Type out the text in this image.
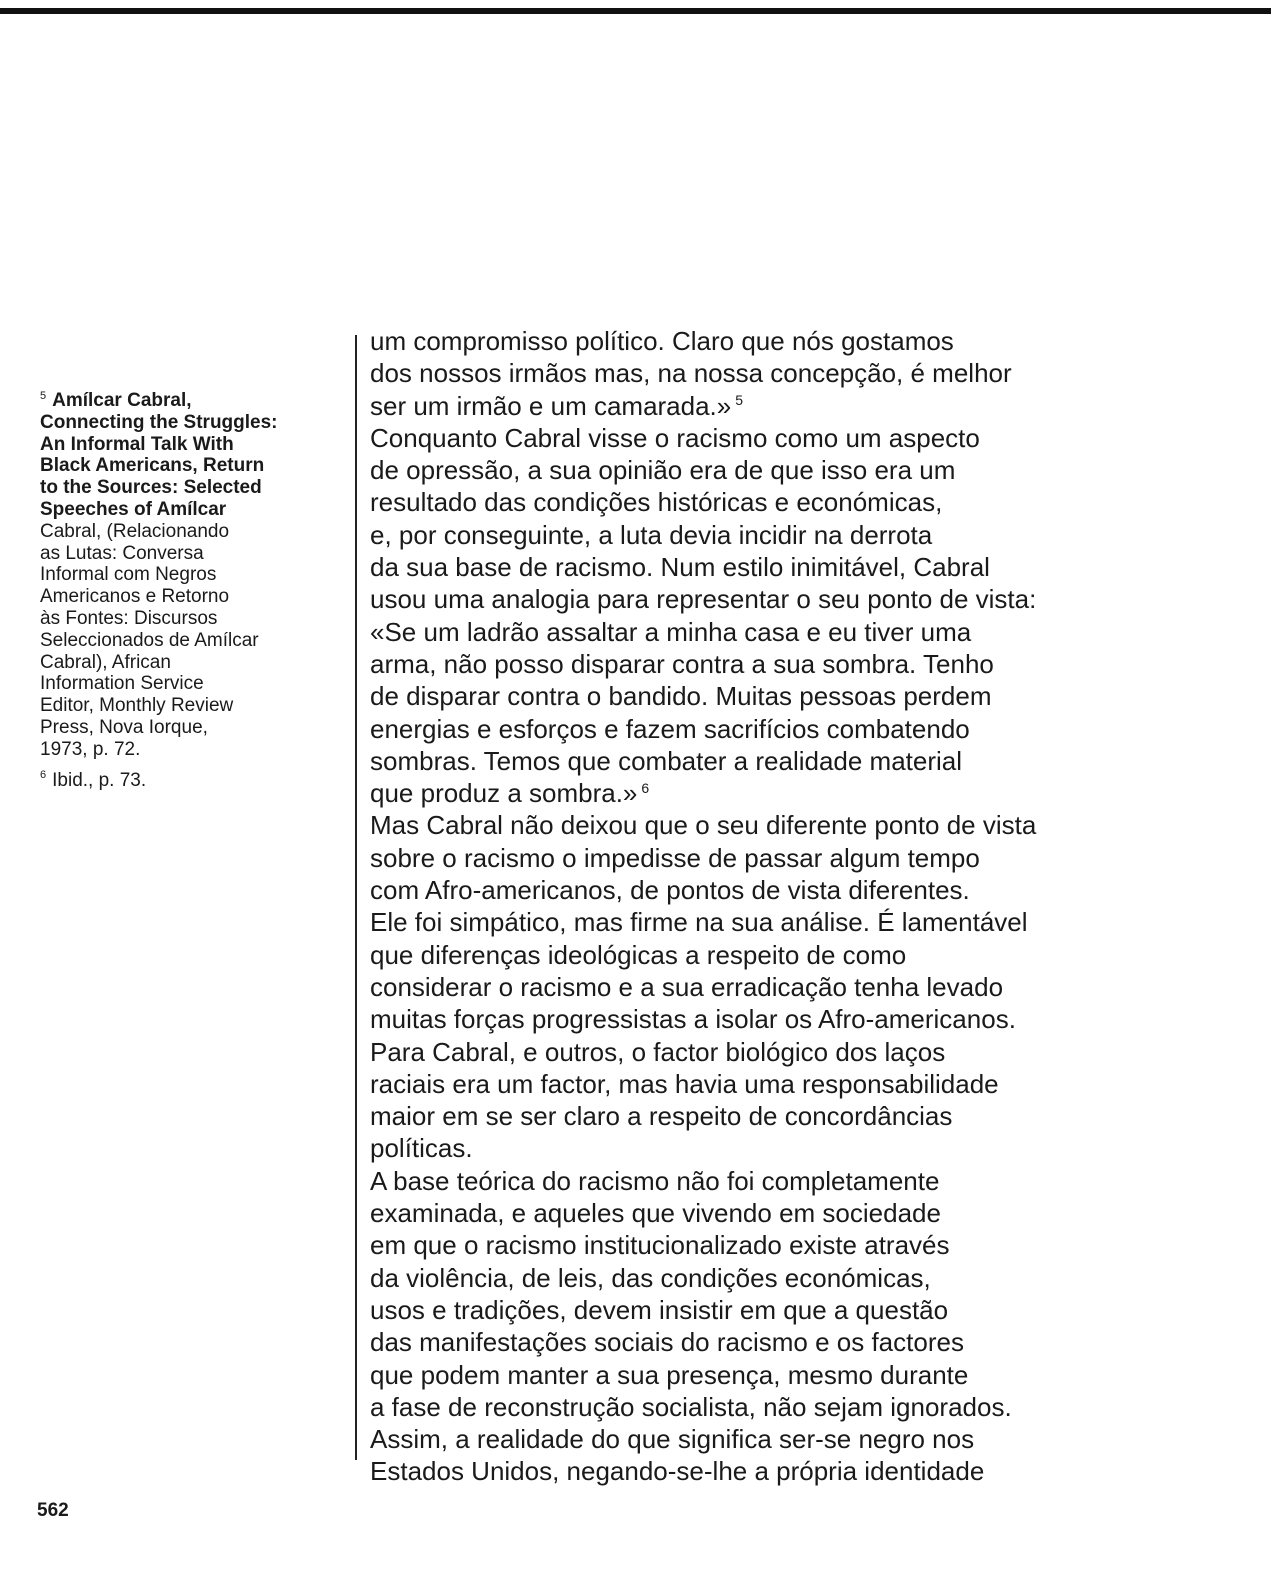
$^5$ Amílcar Cabral,
Connecting the Struggles:
An Informal Talk With
Black Americans, Return
to the Sources: Selected
Speeches of Amílcar
Cabral, (Relacionando
as Lutas: Conversa
Informal com Negros
Americanos e Retorno
às Fontes: Discursos
Seleccionados de Amílcar
Cabral), African
Information Service
Editor, Monthly Review
Press, Nova Iorque,
1973, p. 72.
$^6$ Ibid., p. 73.
um compromisso político. Claro que nós gostamos
dos nossos irmãos mas, na nossa concepção, é melhor
ser um irmão e um camarada.» $^5$
Conquanto Cabral visse o racismo como um aspecto
de opressão, a sua opinião era de que isso era um
resultado das condições históricas e económicas,
e, por conseguinte, a luta devia incidir na derrota
da sua base de racismo. Num estilo inimitável, Cabral
usou uma analogia para representar o seu ponto de vista:
«Se um ladrão assaltar a minha casa e eu tiver uma
arma, não posso disparar contra a sua sombra. Tenho
de disparar contra o bandido. Muitas pessoas perdem
energias e esforços e fazem sacrifícios combatendo
sombras. Temos que combater a realidade material
que produz a sombra.» $^6$
Mas Cabral não deixou que o seu diferente ponto de vista
sobre o racismo o impedisse de passar algum tempo
com Afro-americanos, de pontos de vista diferentes.
Ele foi simpático, mas firme na sua análise. É lamentável
que diferenças ideológicas a respeito de como
considerar o racismo e a sua erradicação tenha levado
muitas forças progressistas a isolar os Afro-americanos.
Para Cabral, e outros, o factor biológico dos laços
raciais era um factor, mas havia uma responsabilidade
maior em se ser claro a respeito de concordâncias
políticas.
A base teórica do racismo não foi completamente
examinada, e aqueles que vivendo em sociedade
em que o racismo institucionalizado existe através
da violência, de leis, das condições económicas,
usos e tradições, devem insistir em que a questão
das manifestações sociais do racismo e os factores
que podem manter a sua presença, mesmo durante
a fase de reconstrução socialista, não sejam ignorados.
Assim, a realidade do que significa ser-se negro nos
Estados Unidos, negando-se-lhe a própria identidade
562
